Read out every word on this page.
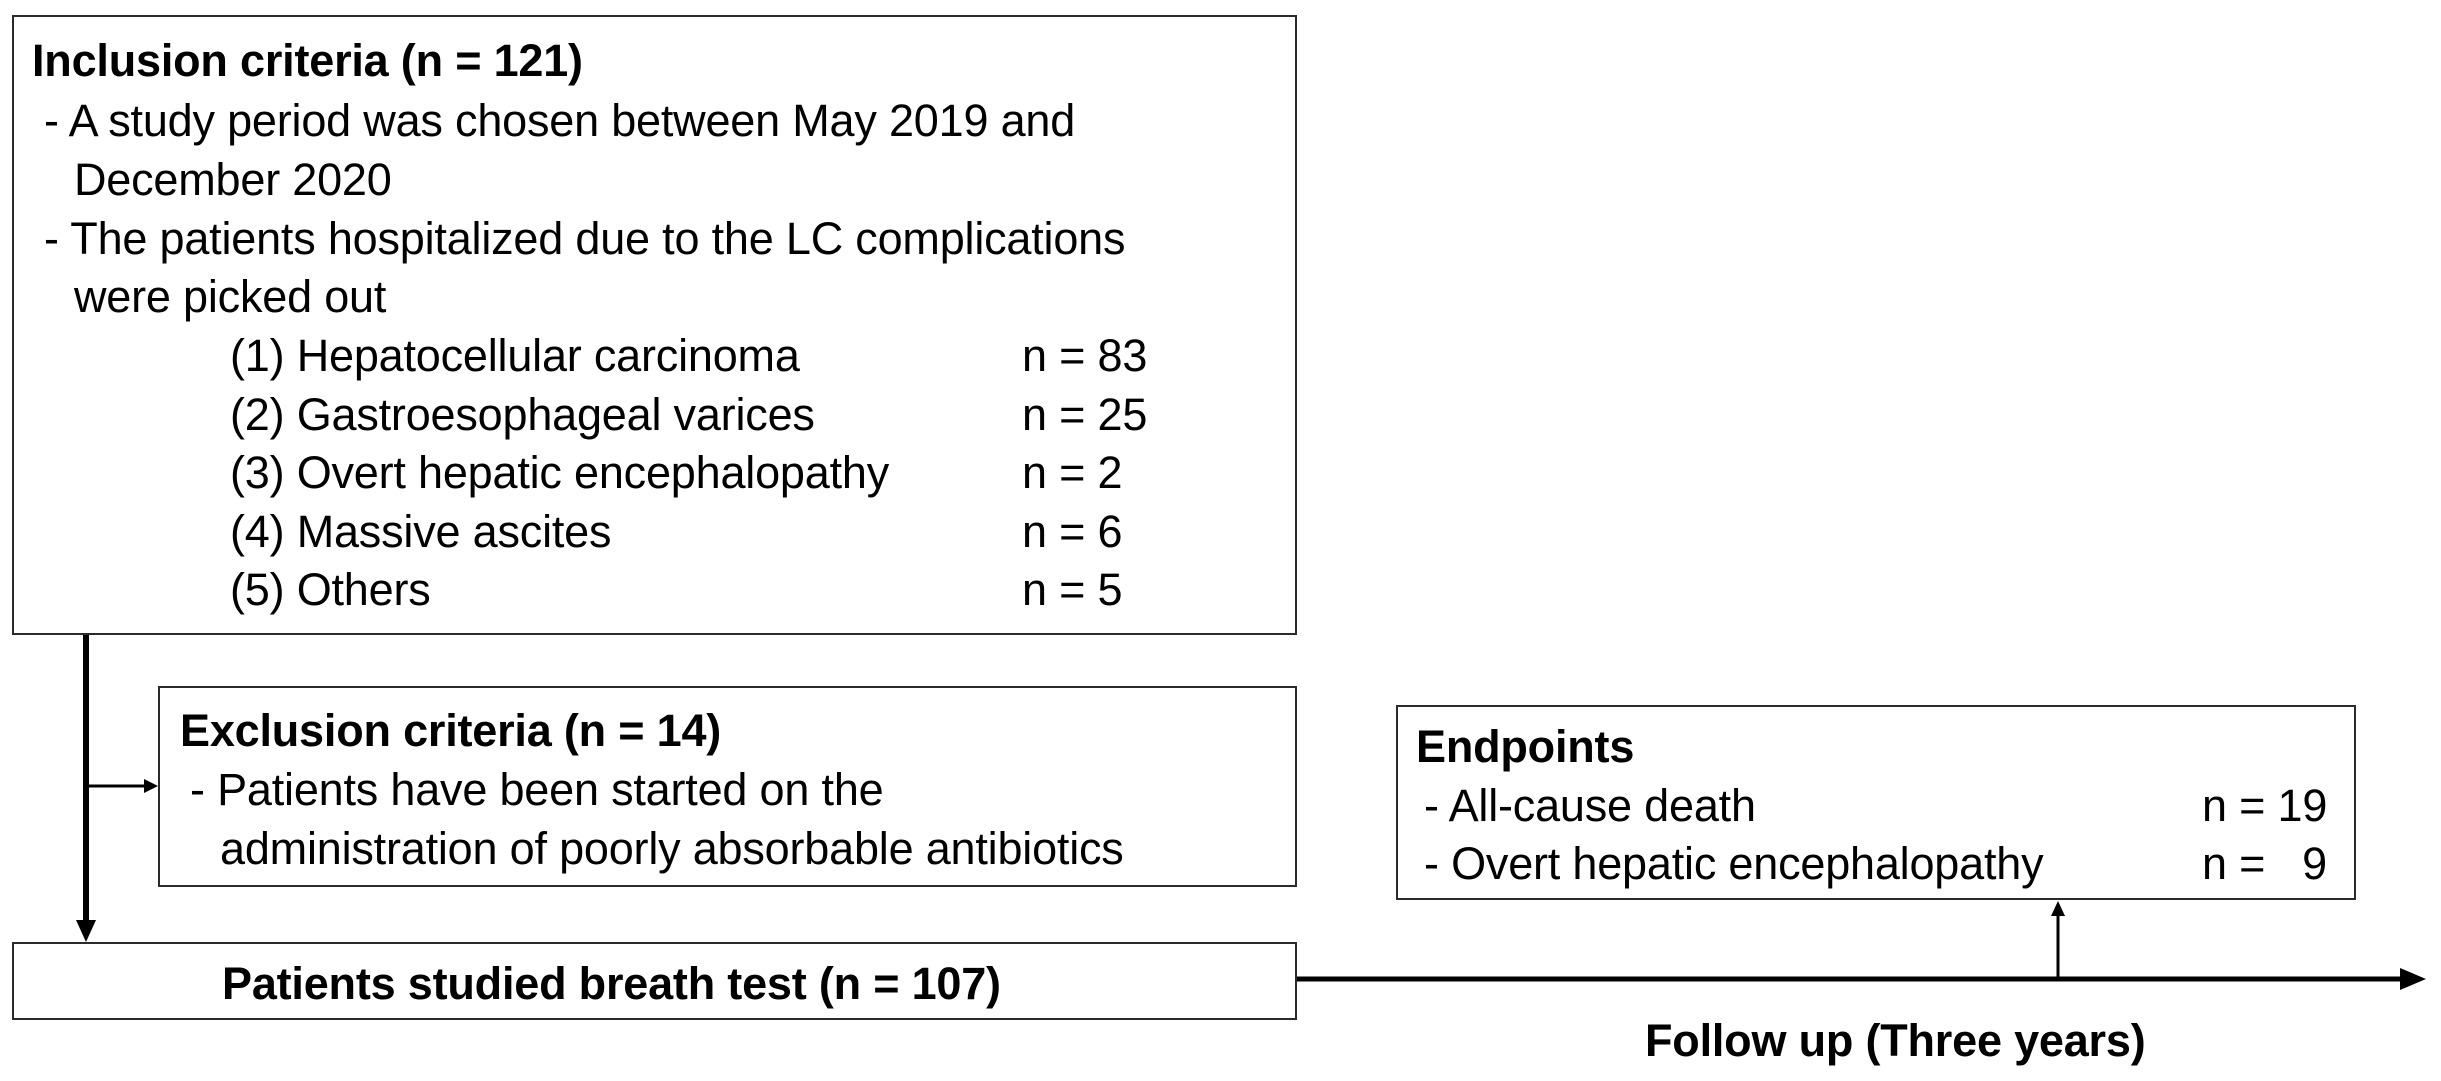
Inclusion criteria (n = 121)
- A study period was chosen between May 2019 and
December 2020
- The patients hospitalized due to the LC complications
were picked out
(1) Hepatocellular carcinoma	n = 83
(2) Gastroesophageal varices	n = 25
(3) Overt hepatic encephalopathy	n = 2
(4) Massive ascites	n = 6
(5) Others	n = 5
Exclusion criteria (n = 14)
- Patients have been started on the
administration of poorly absorbable antibiotics
Patients studied breath test (n = 107)
Endpoints
- All-cause death	n = 19
- Overt hepatic encephalopathy	n =   9
Follow up (Three years)
